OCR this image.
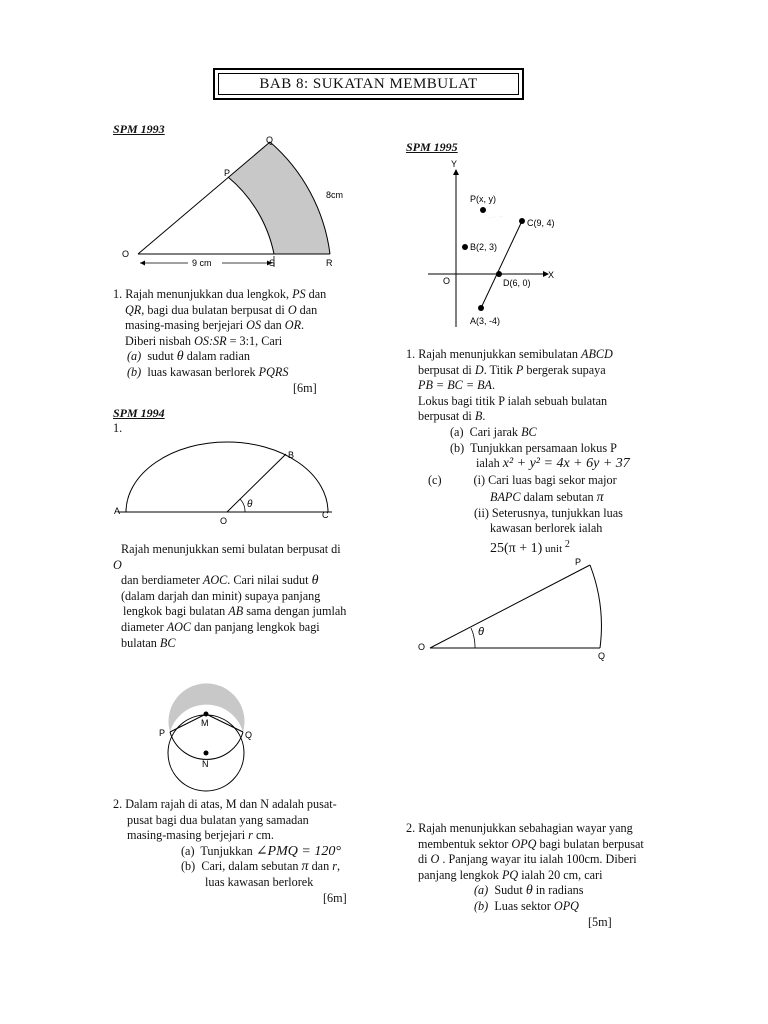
BAB 8: SUKATAN MEMBULAT
SPM 1993
9 cm
O
P
Q
S	R
8cm
1. Rajah menunjukkan dua lengkok, PS dan
QR, bagi dua bulatan berpusat di O dan
masing-masing berjejari OS dan OR.
Diberi nisbah OS:SR = 3:1, Cari
(a) sudut θ dalam radian
(b) luas kawasan berlorek PQRS
[6m]
SPM 1994
1.
θ
A	C
O
B
Rajah menunjukkan semi bulatan berpusat di
O
dan berdiameter AOC. Cari nilai sudut θ
(dalam darjah dan minit) supaya panjang
lengkok bagi bulatan AB sama dengan jumlah
diameter AOC dan panjang lengkok bagi
bulatan BC
M
N
P	Q
2. Dalam rajah di atas, M dan N adalah pusat-
pusat bagi dua bulatan yang samadan
masing-masing berjejari r cm.
(a) Tunjukkan ∠PMQ = 120°
(b) Cari, dalam sebutan π dan r,
luas kawasan berlorek
[6m]
SPM 1995
Y
X
O
P(x, y)
C(9, 4)
B(2, 3)
D(6, 0)
A(3, -4)
1. Rajah menunjukkan semibulatan ABCD
berpusat di D. Titik P bergerak supaya
PB = BC = BA.
Lokus bagi titik P ialah sebuah bulatan
berpusat di B.
(a) Cari jarak BC
(b) Tunjukkan persamaan lokus P
ialah x² + y² = 4x + 6y + 37
(c)	(i) Cari luas bagi sekor major
BAPC dalam sebutan π
(ii) Seterusnya, tunjukkan luas
kawasan berlorek ialah
25(π + 1) unit $^2$
θ
O
P
Q
2. Rajah menunjukkan sebahagian wayar yang
membentuk sektor OPQ bagi bulatan berpusat
di O . Panjang wayar itu ialah 100cm. Diberi
panjang lengkok PQ ialah 20 cm, cari
(a) Sudut θ in radians
(b) Luas sektor OPQ
[5m]
